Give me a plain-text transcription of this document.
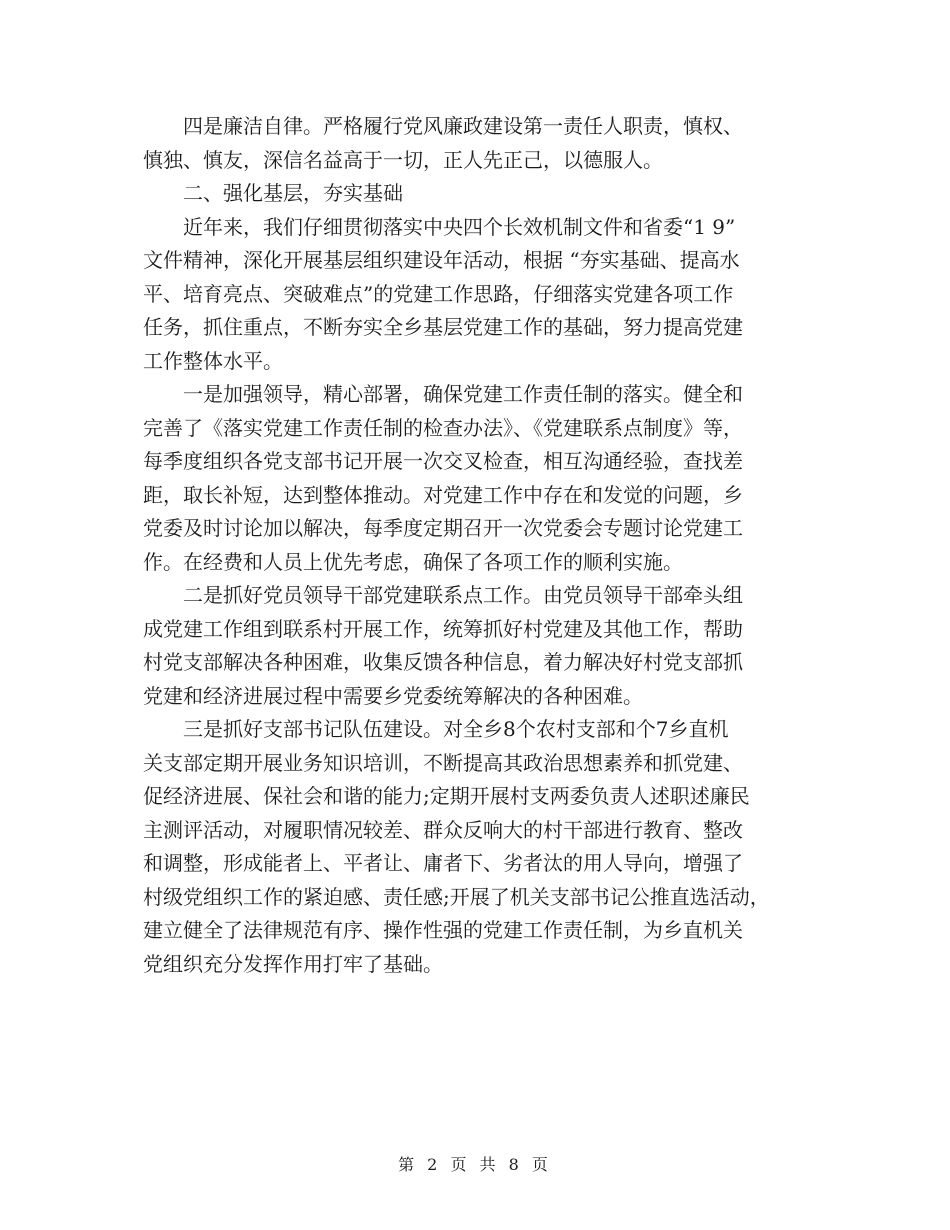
四是廉洁自律。严格履行党风廉政建设第一责任人职责，慎权、
慎独、慎友，深信名益高于一切，正人先正己，以德服人。
二、强化基层，夯实基础
近年来，我们仔细贯彻落实中央四个长效机制文件和省委“1 9”
文件精神，深化开展基层组织建设年活动，根据 “夯实基础、提高水
平、培育亮点、突破难点”的党建工作思路，仔细落实党建各项工作
任务，抓住重点，不断夯实全乡基层党建工作的基础，努力提高党建
工作整体水平。
一是加强领导，精心部署，确保党建工作责任制的落实。健全和
完善了《落实党建工作责任制的检查办法》、《党建联系点制度》等，
每季度组织各党支部书记开展一次交叉检查，相互沟通经验，查找差
距，取长补短，达到整体推动。对党建工作中存在和发觉的问题，乡
党委及时讨论加以解决，每季度定期召开一次党委会专题讨论党建工
作。在经费和人员上优先考虑，确保了各项工作的顺利实施。
二是抓好党员领导干部党建联系点工作。由党员领导干部牵头组
成党建工作组到联系村开展工作，统筹抓好村党建及其他工作，帮助
村党支部解决各种困难，收集反馈各种信息，着力解决好村党支部抓
党建和经济进展过程中需要乡党委统筹解决的各种困难。
三是抓好支部书记队伍建设。对全乡8个农村支部和个7乡直机
关支部定期开展业务知识培训，不断提高其政治思想素养和抓党建、
促经济进展、保社会和谐的能力;定期开展村支两委负责人述职述廉民
主测评活动，对履职情况较差、群众反响大的村干部进行教育、整改
和调整，形成能者上、平者让、庸者下、劣者汰的用人导向，增强了
村级党组织工作的紧迫感、责任感;开展了机关支部书记公推直选活动，
建立健全了法律规范有序、操作性强的党建工作责任制，为乡直机关
党组织充分发挥作用打牢了基础。
第 2 页 共 8 页
